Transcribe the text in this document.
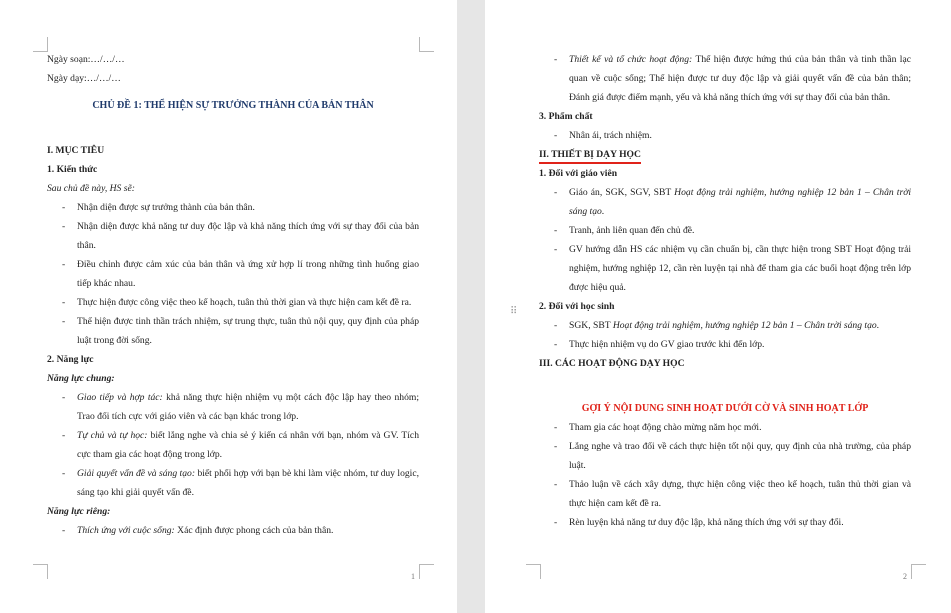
1
Ngày soạn:…/…/…
Ngày dạy:…/…/…
CHỦ ĐỀ 1: THỂ HIỆN SỰ TRƯỞNG THÀNH CỦA BẢN THÂN
I. MỤC TIÊU
1. Kiến thức
Sau chủ đề này, HS sẽ:
- Nhận diện được sự trưởng thành của bản thân.
- Nhận diện được khả năng tư duy độc lập và khả năng thích ứng với sự thay đổi của bản thân.
- Điều chỉnh được cảm xúc của bản thân và ứng xử hợp lí trong những tình huống giao tiếp khác nhau.
- Thực hiện được công việc theo kế hoạch, tuân thủ thời gian và thực hiện cam kết đề ra.
- Thể hiện được tinh thần trách nhiệm, sự trung thực, tuân thủ nội quy, quy định của pháp luật trong đời sống.
2. Năng lực
Năng lực chung:
- Giao tiếp và hợp tác: khả năng thực hiện nhiệm vụ một cách độc lập hay theo nhóm; Trao đổi tích cực với giáo viên và các bạn khác trong lớp.
- Tự chủ và tự học: biết lắng nghe và chia sẻ ý kiến cá nhân với bạn, nhóm và GV. Tích cực tham gia các hoạt động trong lớp.
- Giải quyết vấn đề và sáng tạo: biết phối hợp với bạn bè khi làm việc nhóm, tư duy logic, sáng tạo khi giải quyết vấn đề.
Năng lực riêng:
- Thích ứng với cuộc sống: Xác định được phong cách của bản thân.
2
⠿
- Thiết kế và tổ chức hoạt động: Thể hiện được hứng thú của bản thân và tinh thần lạc quan về cuộc sống; Thể hiện được tư duy độc lập và giải quyết vấn đề của bản thân; Đánh giá được điểm mạnh, yếu và khả năng thích ứng với sự thay đổi của bản thân.
3. Phẩm chất
- Nhân ái, trách nhiệm.
II. THIẾT BỊ DẠY HỌC
1. Đối với giáo viên
- Giáo án, SGK, SGV, SBT Hoạt động trải nghiệm, hướng nghiệp 12 bản 1 – Chân trời sáng tạo.
- Tranh, ảnh liên quan đến chủ đề.
- GV hướng dẫn HS các nhiệm vụ cần chuẩn bị, cần thực hiện trong SBT Hoạt động trải nghiệm, hướng nghiệp 12, cần rèn luyện tại nhà để tham gia các buổi hoạt động trên lớp được hiệu quả.
2. Đối với học sinh
- SGK, SBT Hoạt động trải nghiệm, hướng nghiệp 12 bản 1 – Chân trời sáng tạo.
- Thực hiện nhiệm vụ do GV giao trước khi đến lớp.
III. CÁC HOẠT ĐỘNG DẠY HỌC
GỢI Ý NỘI DUNG SINH HOẠT DƯỚI CỜ VÀ SINH HOẠT LỚP
- Tham gia các hoạt động chào mừng năm học mới.
- Lắng nghe và trao đổi về cách thực hiện tốt nội quy, quy định của nhà trường, của pháp luật.
- Thảo luận về cách xây dựng, thực hiện công việc theo kế hoạch, tuân thủ thời gian và thực hiện cam kết đề ra.
- Rèn luyện khả năng tư duy độc lập, khả năng thích ứng với sự thay đổi.
